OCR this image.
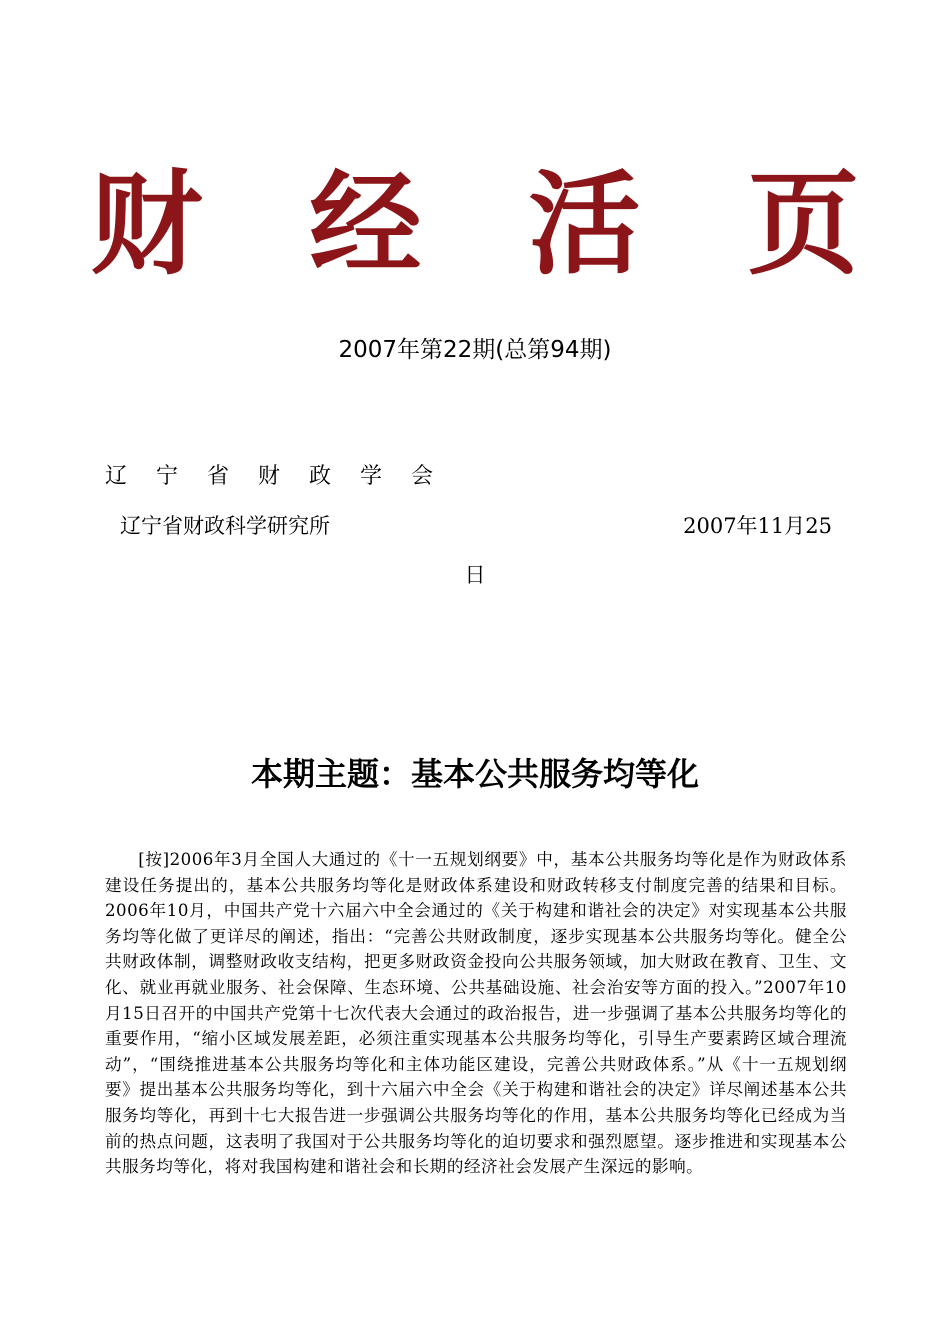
财 经 活 页
2007年第22期(总第94期)
辽 宁 省 财 政 学 会
辽宁省财政科学研究所	2007年11月25
日
本期主题：基本公共服务均等化

[按]2006年3月全国人大通过的《十一五规划纲要》中，基本公共服务均等化是作为财政体系建设任务提出的，基本公共服务均等化是财政体系建设和财政转移支付制度完善的结果和目标。2006年10月，中国共产党十六届六中全会通过的《关于构建和谐社会的决定》对实现基本公共服务均等化做了更详尽的阐述，指出：“完善公共财政制度，逐步实现基本公共服务均等化。健全公共财政体制，调整财政收支结构，把更多财政资金投向公共服务领域，加大财政在教育、卫生、文化、就业再就业服务、社会保障、生态环境、公共基础设施、社会治安等方面的投入。”2007年10月15日召开的中国共产党第十七次代表大会通过的政治报告，进一步强调了基本公共服务均等化的重要作用，“缩小区域发展差距，必须注重实现基本公共服务均等化，引导生产要素跨区域合理流动”，“围绕推进基本公共服务均等化和主体功能区建设，完善公共财政体系。”从《十一五规划纲要》提出基本公共服务均等化，到十六届六中全会《关于构建和谐社会的决定》详尽阐述基本公共服务均等化，再到十七大报告进一步强调公共服务均等化的作用，基本公共服务均等化已经成为当前的热点问题，这表明了我国对于公共服务均等化的迫切要求和强烈愿望。逐步推进和实现基本公共服务均等化，将对我国构建和谐社会和长期的经济社会发展产生深远的影响。
